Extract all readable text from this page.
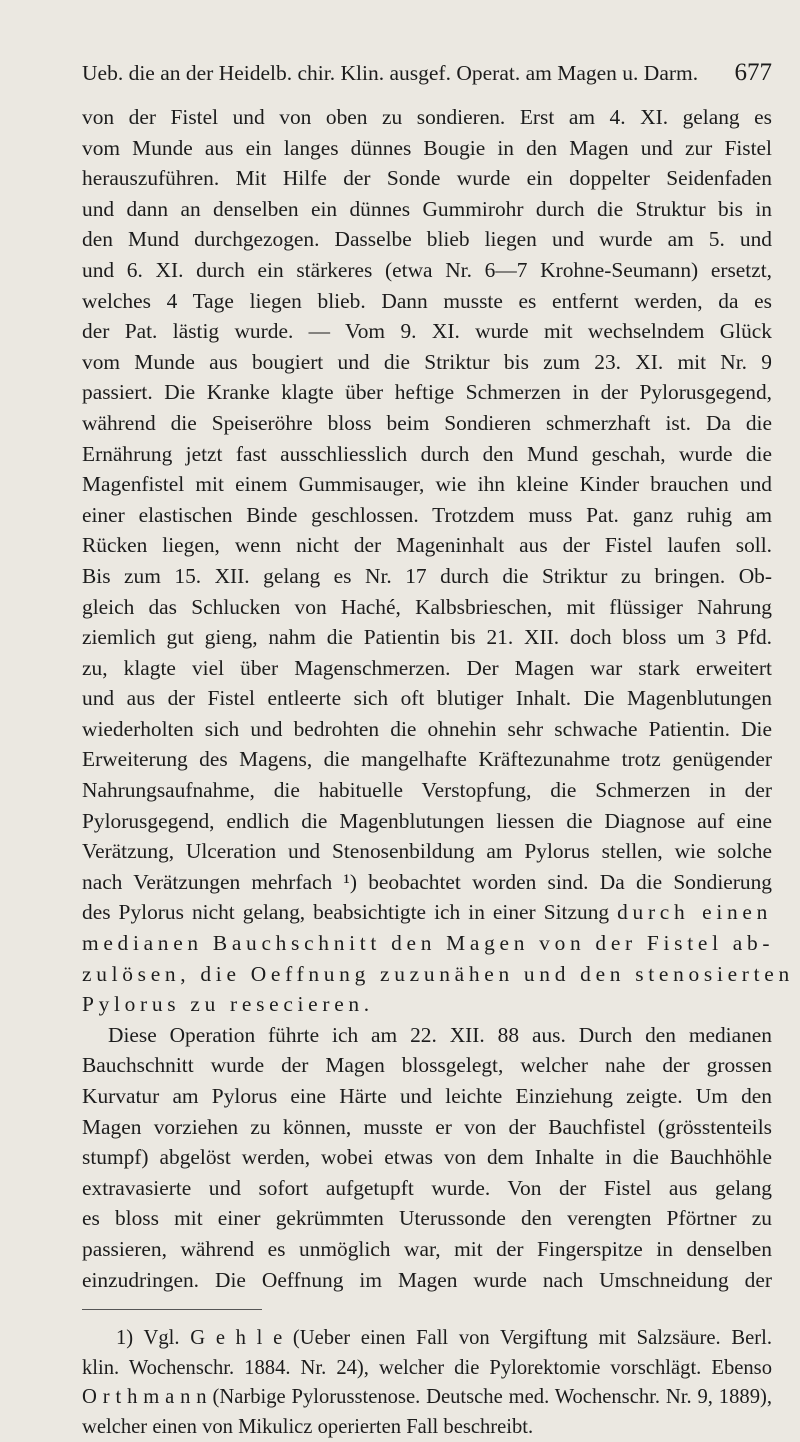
Ueb. die an der Heidelb. chir. Klin. ausgef. Operat. am Magen u. Darm. 677
von der Fistel und von oben zu sondieren. Erst am 4. XI. gelang es
vom Munde aus ein langes dünnes Bougie in den Magen und zur Fistel
herauszuführen. Mit Hilfe der Sonde wurde ein doppelter Seidenfaden
und dann an denselben ein dünnes Gummirohr durch die Struktur bis in
den Mund durchgezogen. Dasselbe blieb liegen und wurde am 5. und
und 6. XI. durch ein stärkeres (etwa Nr. 6—7 Krohne-Seumann) ersetzt,
welches 4 Tage liegen blieb. Dann musste es entfernt werden, da es
der Pat. lästig wurde. — Vom 9. XI. wurde mit wechselndem Glück
vom Munde aus bougiert und die Striktur bis zum 23. XI. mit Nr. 9
passiert. Die Kranke klagte über heftige Schmerzen in der Pylorusgegend,
während die Speiseröhre bloss beim Sondieren schmerzhaft ist. Da die
Ernährung jetzt fast ausschliesslich durch den Mund geschah, wurde die
Magenfistel mit einem Gummisauger, wie ihn kleine Kinder brauchen und
einer elastischen Binde geschlossen. Trotzdem muss Pat. ganz ruhig am
Rücken liegen, wenn nicht der Mageninhalt aus der Fistel laufen soll.
Bis zum 15. XII. gelang es Nr. 17 durch die Striktur zu bringen. Ob-
gleich das Schlucken von Haché, Kalbsbrieschen, mit flüssiger Nahrung
ziemlich gut gieng, nahm die Patientin bis 21. XII. doch bloss um 3 Pfd.
zu, klagte viel über Magenschmerzen. Der Magen war stark erweitert
und aus der Fistel entleerte sich oft blutiger Inhalt. Die Magenblutungen
wiederholten sich und bedrohten die ohnehin sehr schwache Patientin. Die
Erweiterung des Magens, die mangelhafte Kräftezunahme trotz genügender
Nahrungsaufnahme, die habituelle Verstopfung, die Schmerzen in der
Pylorusgegend, endlich die Magenblutungen liessen die Diagnose auf eine
Verätzung, Ulceration und Stenosenbildung am Pylorus stellen, wie solche
nach Verätzungen mehrfach ¹) beobachtet worden sind. Da die Sondierung
des Pylorus nicht gelang, beabsichtigte ich in einer Sitzung durch einen
medianen Bauchschnitt den Magen von der Fistel ab-
zulösen, die Oeffnung zuzunähen und den stenosierten
Pylorus zu resecieren.
Diese Operation führte ich am 22. XII. 88 aus. Durch den medianen
Bauchschnitt wurde der Magen blossgelegt, welcher nahe der grossen
Kurvatur am Pylorus eine Härte und leichte Einziehung zeigte. Um den
Magen vorziehen zu können, musste er von der Bauchfistel (grösstenteils
stumpf) abgelöst werden, wobei etwas von dem Inhalte in die Bauchhöhle
extravasierte und sofort aufgetupft wurde. Von der Fistel aus gelang
es bloss mit einer gekrümmten Uterussonde den verengten Pförtner zu
passieren, während es unmöglich war, mit der Fingerspitze in denselben
einzudringen. Die Oeffnung im Magen wurde nach Umschneidung der
1) Vgl. G e h l e (Ueber einen Fall von Vergiftung mit Salzsäure. Berl.
klin. Wochenschr. 1884. Nr. 24), welcher die Pylorektomie vorschlägt. Ebenso
O r t h m a n n (Narbige Pylorusstenose. Deutsche med. Wochenschr. Nr. 9, 1889),
welcher einen von Mikulicz operierten Fall beschreibt.
